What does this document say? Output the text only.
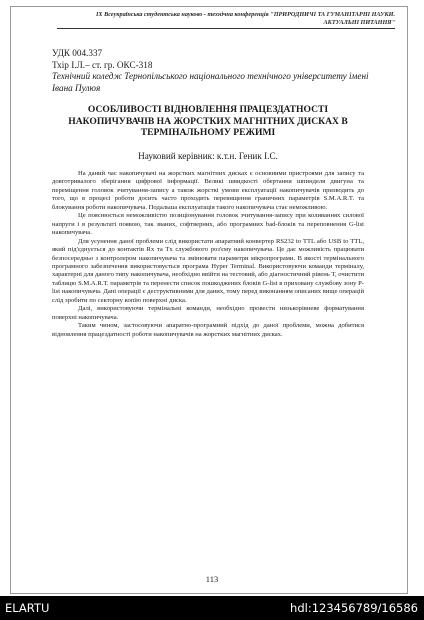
IX Всеукраїнська студентська науково - технічна конференція "ПРИРОДНИЧІ ТА ГУМАНІТАРНІ НАУКИ.
АКТУАЛЬНІ ПИТАННЯ"
УДК 004.337
Тхір І.Л.– ст. гр. ОКС-318
Технічний коледж Тернопільського національного технічного університету імені Івана Пулюя
ОСОБЛИВОСТІ ВІДНОВЛЕННЯ ПРАЦЕЗДАТНОСТІ НАКОПИЧУВАЧІВ НА ЖОРСТКИХ МАГНІТНИХ ДИСКАХ В ТЕРМІНАЛЬНОМУ РЕЖИМІ
Науковий керівник: к.т.н. Геник І.С.

На даний час накопичувачі на жорстких магнітних дисках є основними пристроями для запису та довготривалого зберігання цифрової інформації. Великі швидкості обертання шпинделя двигуна та переміщення головок зчитування-запису а також жорсткі умови експлуатації накопичувачів призводить до того, що в процесі роботи досить часто проходить перевищення граничних параметрів S.M.A.R.T. та блокування роботи накопичувача. Подальша експлуатація такого накопичувача стає неможливою.

Це пояснюється неможливістю позиціонування головок зчитування-запису при коливаннях силової напруги і в результаті появою, так званих, софтверних, або програмних bad-блоків та переповнення G-list накопичувача.

Для усунення даної проблеми слід використати апаратний конвертер RS232 to TTL або USB to TTL, який під'єднується до контактів Rx та Tx службового роз'єму накопичувача. Це дає можливість працювати безпосередньо з контролером накопичувача та змінювати параметри мікропрограми. В якості термінального програмного забезпечення використовується програма Hyper Terminal. Використовуючи команди терміналу, характерні для даного типу накопичувача, необхідно ввійти на тестовий, або діагностичний рівень T, очистити таблицю S.M.A.R.T. параметрів та перенести список пошкоджених блоків G-list в приховану службову зону P-list накопичувача. Дані операції є деструктивними для даних, тому перед виконанням описаних вище операцій слід зробити по секторну копію поверхні диска.

Далі, використовуючи термінальні команди, необхідно провести низькорівневе форматування поверхні накопичувача.

Таким чином, застосовуючи апаратно-програмний підхід до даної проблеми, можна добитися відновлення працездатності роботи накопичувачів на жорстких магнітних дисках.

113
ELARTU	hdl:123456789/16586
